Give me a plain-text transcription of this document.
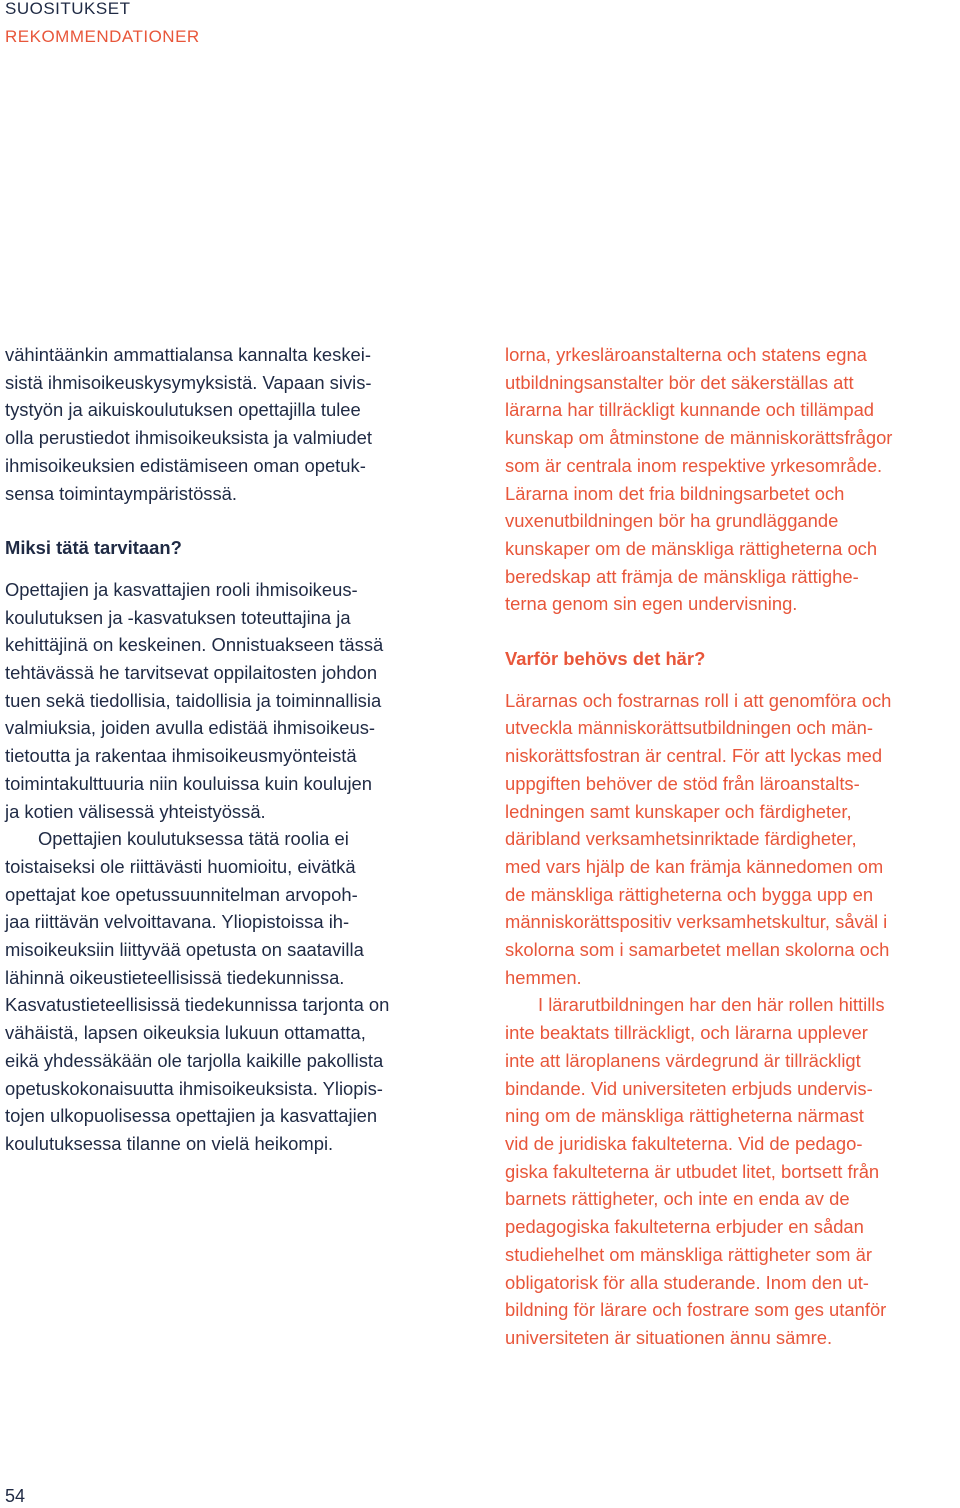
SUOSITUKSET
REKOMMENDATIONER
vähintäänkin ammattialansa kannalta keskei-
sistä ihmisoikeuskysymyksistä. Vapaan sivis-
tystyön ja aikuiskoulutuksen opettajilla tulee
olla perustiedot ihmisoikeuksista ja valmiudet
ihmisoikeuksien edistämiseen oman opetuk-
sensa toimintaympäristössä.
Miksi tätä tarvitaan?
Opettajien ja kasvattajien rooli ihmisoikeus-
koulutuksen ja -kasvatuksen toteuttajina ja
kehittäjinä on keskeinen. Onnistuakseen tässä
tehtävässä he tarvitsevat oppilaitosten johdon
tuen sekä tiedollisia, taidollisia ja toiminnallisia
valmiuksia, joiden avulla edistää ihmisoikeus-
tietoutta ja rakentaa ihmisoikeusmyönteistä
toimintakulttuuria niin kouluissa kuin koulujen
ja kotien välisessä yhteistyössä.
Opettajien koulutuksessa tätä roolia ei
toistaiseksi ole riittävästi huomioitu, eivätkä
opettajat koe opetussuunnitelman arvopoh-
jaa riittävän velvoittavana. Yliopistoissa ih-
misoikeuksiin liittyvää opetusta on saatavilla
lähinnä oikeustieteellisissä tiedekunnissa.
Kasvatustieteellisissä tiedekunnissa tarjonta on
vähäistä, lapsen oikeuksia lukuun ottamatta,
eikä yhdessäkään ole tarjolla kaikille pakollista
opetuskokonaisuutta ihmisoikeuksista. Yliopis-
tojen ulkopuolisessa opettajien ja kasvattajien
koulutuksessa tilanne on vielä heikompi.
lorna, yrkesläroanstalterna och statens egna
utbildningsanstalter bör det säkerställas att
lärarna har tillräckligt kunnande och tillämpad
kunskap om åtminstone de människorättsfrågor
som är centrala inom respektive yrkesområde.
Lärarna inom det fria bildningsarbetet och
vuxenutbildningen bör ha grundläggande
kunskaper om de mänskliga rättigheterna och
beredskap att främja de mänskliga rättighe-
terna genom sin egen undervisning.
Varför behövs det här?
Lärarnas och fostrarnas roll i att genomföra och
utveckla människorättsutbildningen och män-
niskorättsfostran är central. För att lyckas med
uppgiften behöver de stöd från läroanstalts-
ledningen samt kunskaper och färdigheter,
däribland verksamhetsinriktade färdigheter,
med vars hjälp de kan främja kännedomen om
de mänskliga rättigheterna och bygga upp en
människorättspositiv verksamhetskultur, såväl i
skolorna som i samarbetet mellan skolorna och
hemmen.
I lärarutbildningen har den här rollen hittills
inte beaktats tillräckligt, och lärarna upplever
inte att läroplanens värdegrund är tillräckligt
bindande. Vid universiteten erbjuds undervis-
ning om de mänskliga rättigheterna närmast
vid de juridiska fakulteterna. Vid de pedago-
giska fakulteterna är utbudet litet, bortsett från
barnets rättigheter, och inte en enda av de
pedagogiska fakulteterna erbjuder en sådan
studiehelhet om mänskliga rättigheter som är
obligatorisk för alla studerande. Inom den ut-
bildning för lärare och fostrare som ges utanför
universiteten är situationen ännu sämre.
54
